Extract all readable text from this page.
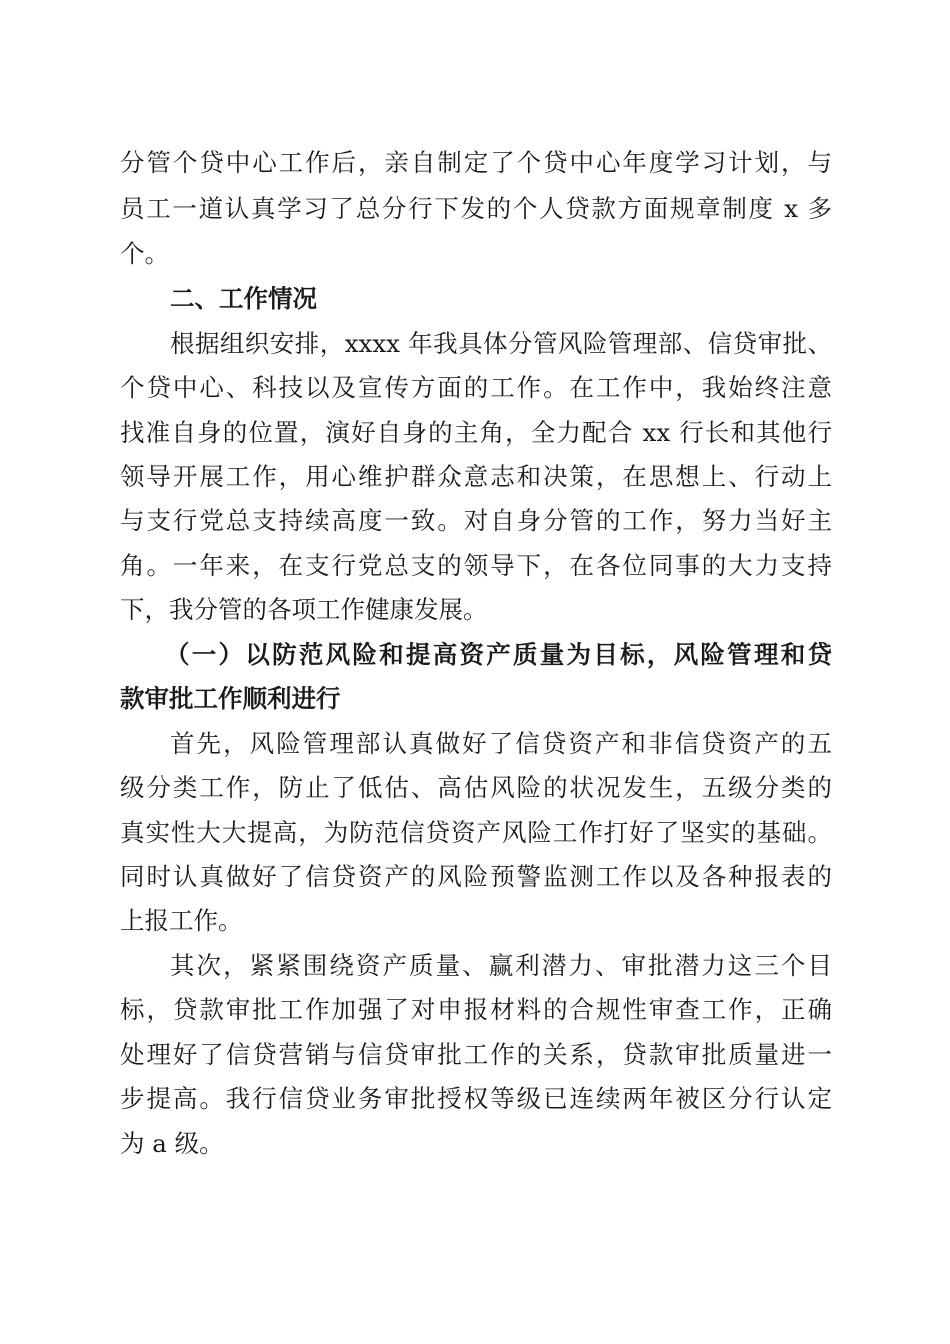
分管个贷中心工作后，亲自制定了个贷中心年度学习计划，与
员工一道认真学习了总分行下发的个人贷款方面规章制度 x 多
个。
二、工作情况
根据组织安排，xxxx 年我具体分管风险管理部、信贷审批、
个贷中心、科技以及宣传方面的工作。在工作中，我始终注意
找准自身的位置，演好自身的主角，全力配合 xx 行长和其他行
领导开展工作，用心维护群众意志和决策，在思想上、行动上
与支行党总支持续高度一致。对自身分管的工作，努力当好主
角。一年来，在支行党总支的领导下，在各位同事的大力支持
下，我分管的各项工作健康发展。
（一）以防范风险和提高资产质量为目标，风险管理和贷
款审批工作顺利进行
首先，风险管理部认真做好了信贷资产和非信贷资产的五
级分类工作，防止了低估、高估风险的状况发生，五级分类的
真实性大大提高，为防范信贷资产风险工作打好了坚实的基础。
同时认真做好了信贷资产的风险预警监测工作以及各种报表的
上报工作。
其次，紧紧围绕资产质量、赢利潜力、审批潜力这三个目
标，贷款审批工作加强了对申报材料的合规性审查工作，正确
处理好了信贷营销与信贷审批工作的关系，贷款审批质量进一
步提高。我行信贷业务审批授权等级已连续两年被区分行认定
为 a 级。
